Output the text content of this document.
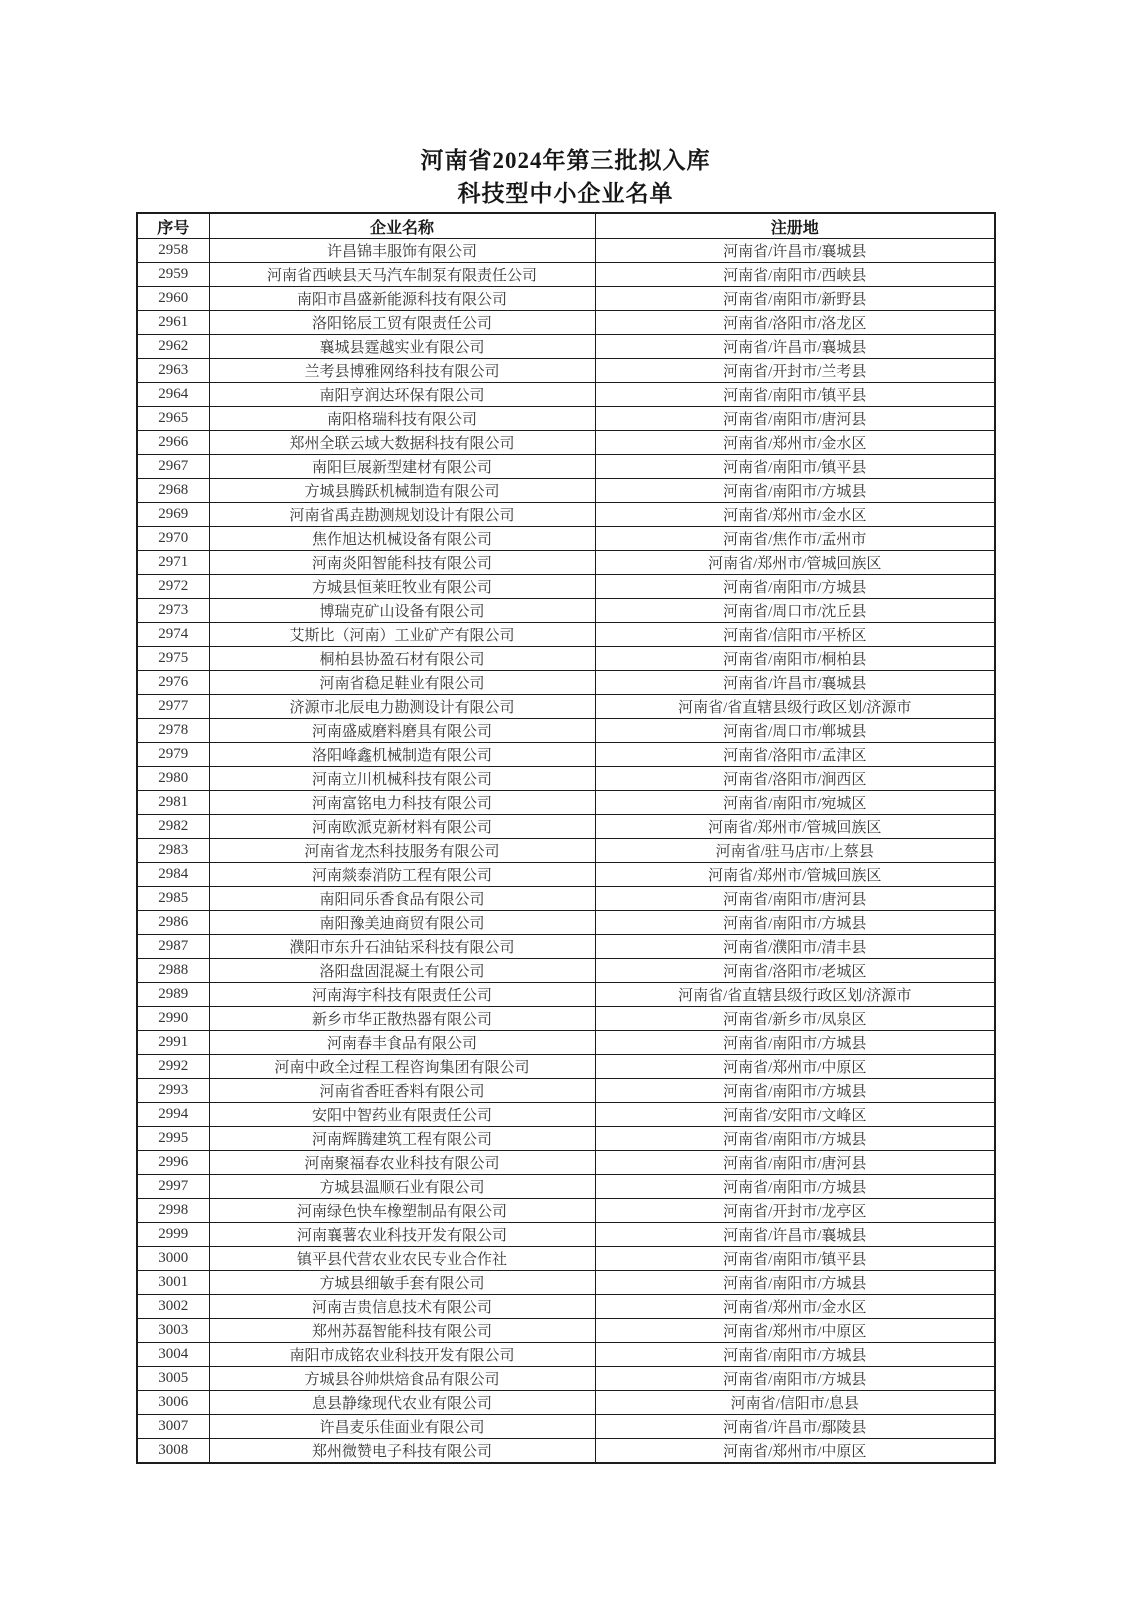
河南省2024年第三批拟入库
科技型中小企业名单
序号	企业名称	注册地
2958	许昌锦丰服饰有限公司	河南省/许昌市/襄城县
2959	河南省西峡县天马汽车制泵有限责任公司	河南省/南阳市/西峡县
2960	南阳市昌盛新能源科技有限公司	河南省/南阳市/新野县
2961	洛阳铭辰工贸有限责任公司	河南省/洛阳市/洛龙区
2962	襄城县霆越实业有限公司	河南省/许昌市/襄城县
2963	兰考县博雅网络科技有限公司	河南省/开封市/兰考县
2964	南阳亨润达环保有限公司	河南省/南阳市/镇平县
2965	南阳格瑞科技有限公司	河南省/南阳市/唐河县
2966	郑州全联云域大数据科技有限公司	河南省/郑州市/金水区
2967	南阳巨展新型建材有限公司	河南省/南阳市/镇平县
2968	方城县腾跃机械制造有限公司	河南省/南阳市/方城县
2969	河南省禹垚勘测规划设计有限公司	河南省/郑州市/金水区
2970	焦作旭达机械设备有限公司	河南省/焦作市/孟州市
2971	河南炎阳智能科技有限公司	河南省/郑州市/管城回族区
2972	方城县恒莱旺牧业有限公司	河南省/南阳市/方城县
2973	博瑞克矿山设备有限公司	河南省/周口市/沈丘县
2974	艾斯比（河南）工业矿产有限公司	河南省/信阳市/平桥区
2975	桐柏县协盈石材有限公司	河南省/南阳市/桐柏县
2976	河南省稳足鞋业有限公司	河南省/许昌市/襄城县
2977	济源市北辰电力勘测设计有限公司	河南省/省直辖县级行政区划/济源市
2978	河南盛威磨料磨具有限公司	河南省/周口市/郸城县
2979	洛阳峰鑫机械制造有限公司	河南省/洛阳市/孟津区
2980	河南立川机械科技有限公司	河南省/洛阳市/涧西区
2981	河南富铭电力科技有限公司	河南省/南阳市/宛城区
2982	河南欧派克新材料有限公司	河南省/郑州市/管城回族区
2983	河南省龙杰科技服务有限公司	河南省/驻马店市/上蔡县
2984	河南燚泰消防工程有限公司	河南省/郑州市/管城回族区
2985	南阳同乐香食品有限公司	河南省/南阳市/唐河县
2986	南阳豫美迪商贸有限公司	河南省/南阳市/方城县
2987	濮阳市东升石油钻采科技有限公司	河南省/濮阳市/清丰县
2988	洛阳盘固混凝土有限公司	河南省/洛阳市/老城区
2989	河南海宇科技有限责任公司	河南省/省直辖县级行政区划/济源市
2990	新乡市华正散热器有限公司	河南省/新乡市/凤泉区
2991	河南春丰食品有限公司	河南省/南阳市/方城县
2992	河南中政全过程工程咨询集团有限公司	河南省/郑州市/中原区
2993	河南省香旺香料有限公司	河南省/南阳市/方城县
2994	安阳中智药业有限责任公司	河南省/安阳市/文峰区
2995	河南辉腾建筑工程有限公司	河南省/南阳市/方城县
2996	河南聚福春农业科技有限公司	河南省/南阳市/唐河县
2997	方城县温顺石业有限公司	河南省/南阳市/方城县
2998	河南绿色快车橡塑制品有限公司	河南省/开封市/龙亭区
2999	河南襄薯农业科技开发有限公司	河南省/许昌市/襄城县
3000	镇平县代营农业农民专业合作社	河南省/南阳市/镇平县
3001	方城县细敏手套有限公司	河南省/南阳市/方城县
3002	河南吉贵信息技术有限公司	河南省/郑州市/金水区
3003	郑州苏磊智能科技有限公司	河南省/郑州市/中原区
3004	南阳市成铭农业科技开发有限公司	河南省/南阳市/方城县
3005	方城县谷帅烘焙食品有限公司	河南省/南阳市/方城县
3006	息县静缘现代农业有限公司	河南省/信阳市/息县
3007	许昌麦乐佳面业有限公司	河南省/许昌市/鄢陵县
3008	郑州微赞电子科技有限公司	河南省/郑州市/中原区
